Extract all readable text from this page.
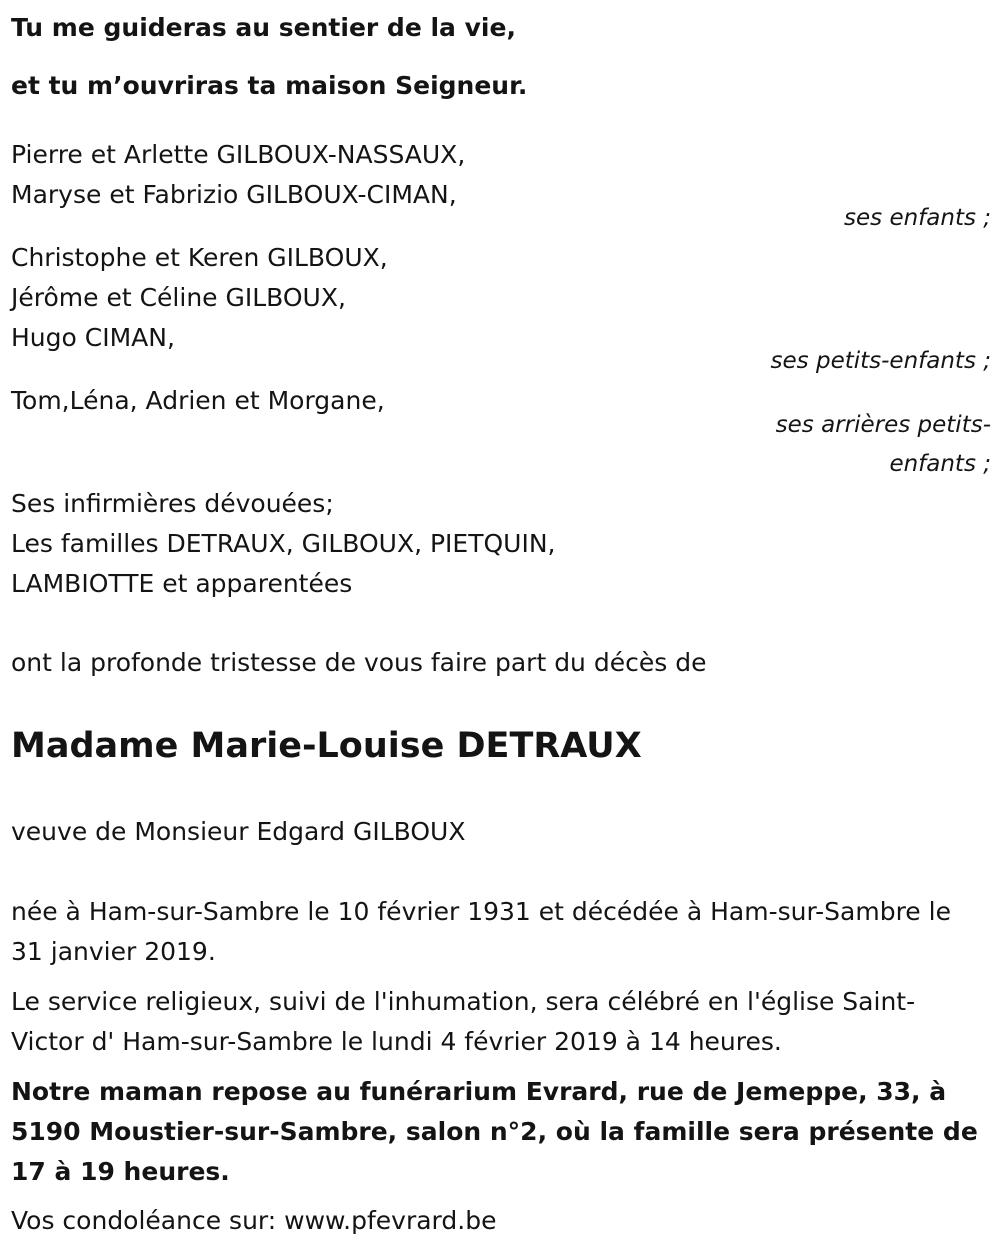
Tu me guideras au sentier de la vie,

et tu m’ouvriras ta maison Seigneur.

Pierre et Arlette GILBOUX-NASSAUX,

Maryse et Fabrizio GILBOUX-CIMAN,

ses enfants ;

Christophe et Keren GILBOUX,

Jérôme et Céline GILBOUX,

Hugo CIMAN,

ses petits-enfants ;

Tom,Léna, Adrien et Morgane,

ses arrières petits-
enfants ;

Ses infirmières dévouées;

Les familles DETRAUX, GILBOUX, PIETQUIN,

LAMBIOTTE et apparentées

ont la profonde tristesse de vous faire part du décès de

Madame Marie-Louise DETRAUX

veuve de Monsieur Edgard GILBOUX

née à Ham-sur-Sambre le 10 février 1931 et décédée à Ham-sur-Sambre le 31 janvier 2019.

Le service religieux, suivi de l'inhumation, sera célébré en l'église Saint-Victor d' Ham-sur-Sambre le lundi 4 février 2019 à 14 heures.

Notre maman repose au funérarium Evrard, rue de Jemeppe, 33, à 5190 Moustier-sur-Sambre, salon n°2, où la famille sera présente de 17 à 19 heures.

Vos condoléance sur: www.pfevrard.be
